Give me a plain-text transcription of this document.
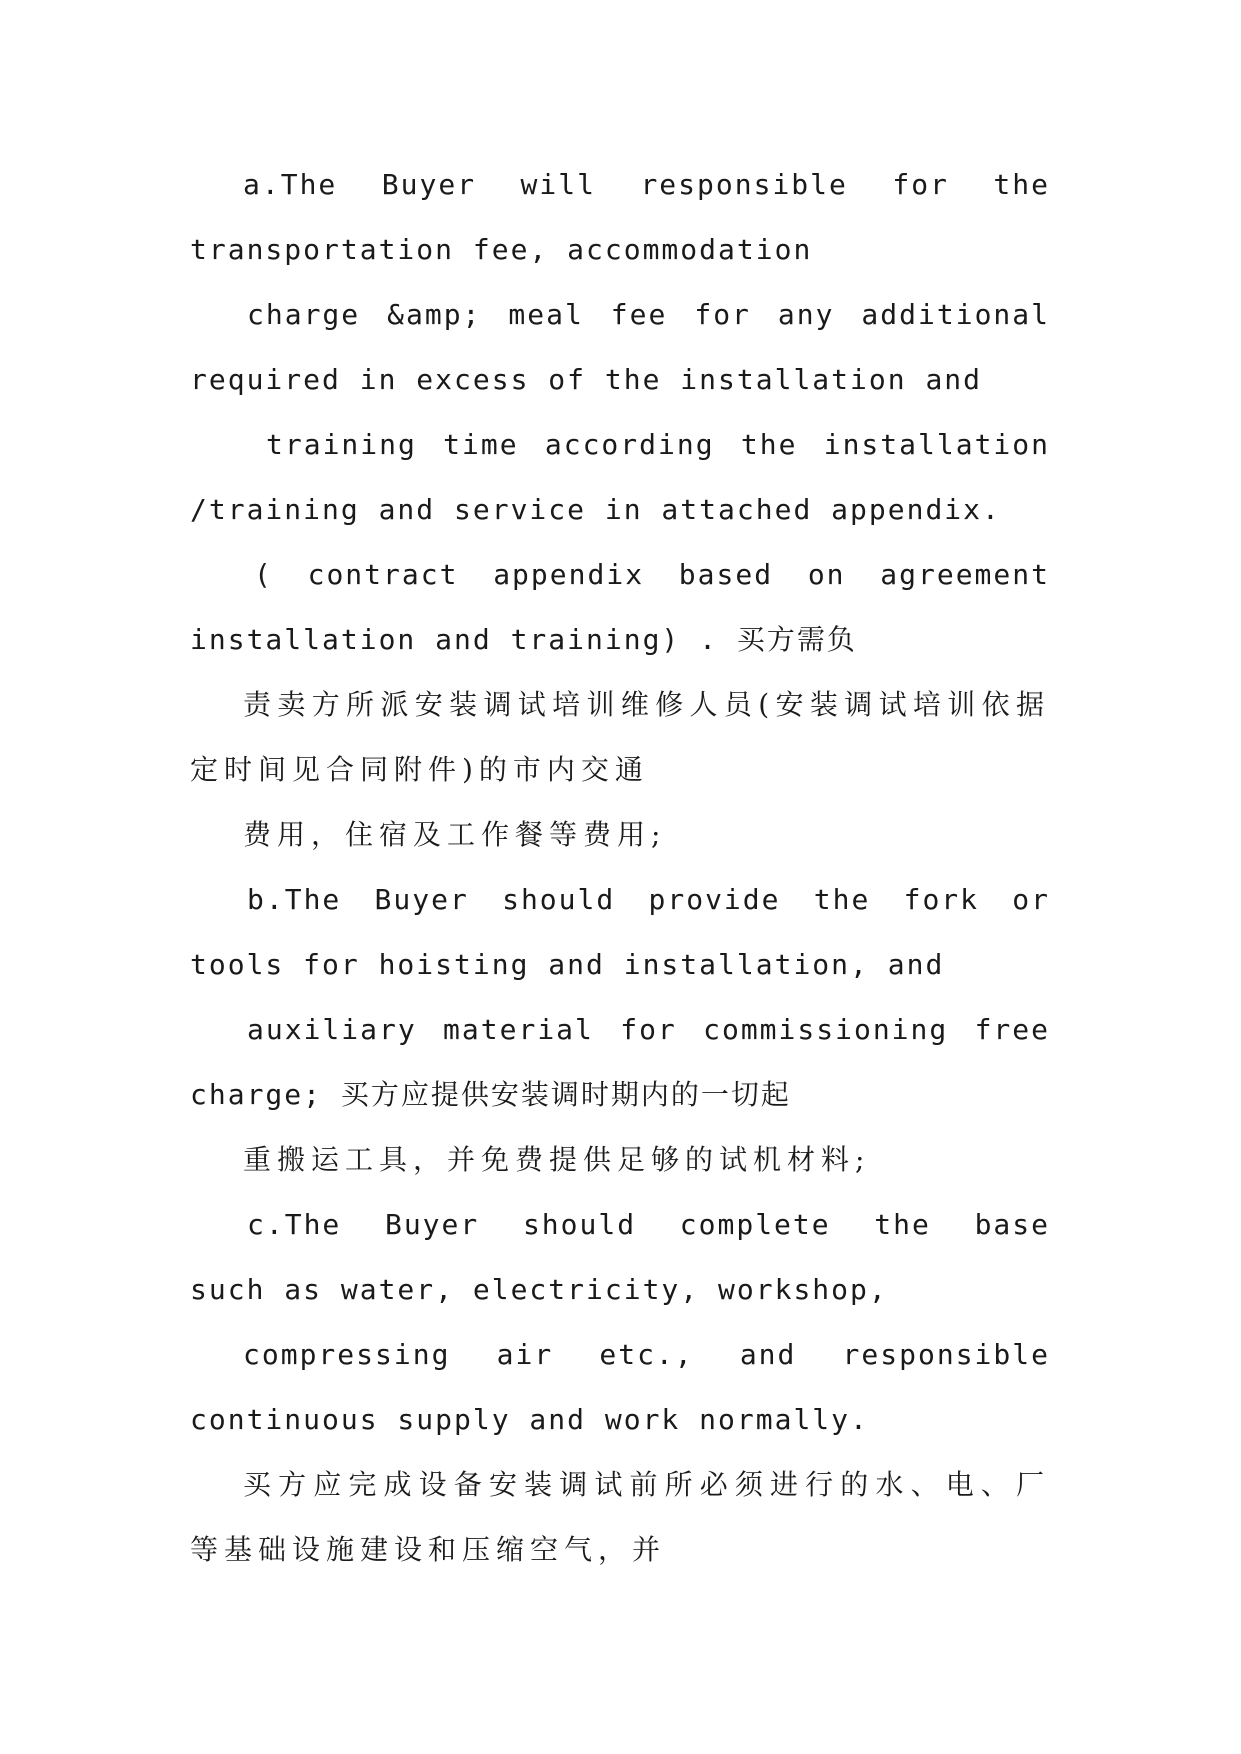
a.The Buyer will responsible for the
transportation fee, accommodation
charge &amp; meal fee for any additional
required in excess of the installation and
training time according the installation
/training and service in attached appendix.
( contract appendix based on agreement
installation and training) . 买方需负
责卖方所派安装调试培训维修人员(安装调试培训依据
定时间见合同附件)的市内交通
费用，住宿及工作餐等费用;
b.The Buyer should provide the fork or
tools for hoisting and installation, and
auxiliary material for commissioning free
charge; 买方应提供安装调时期内的一切起
重搬运工具，并免费提供足够的试机材料;
c.The Buyer should complete the base
such as water, electricity, workshop,
compressing air etc., and responsible
continuous supply and work normally.
买方应完成设备安装调试前所必须进行的水、电、厂
等基础设施建设和压缩空气，并
